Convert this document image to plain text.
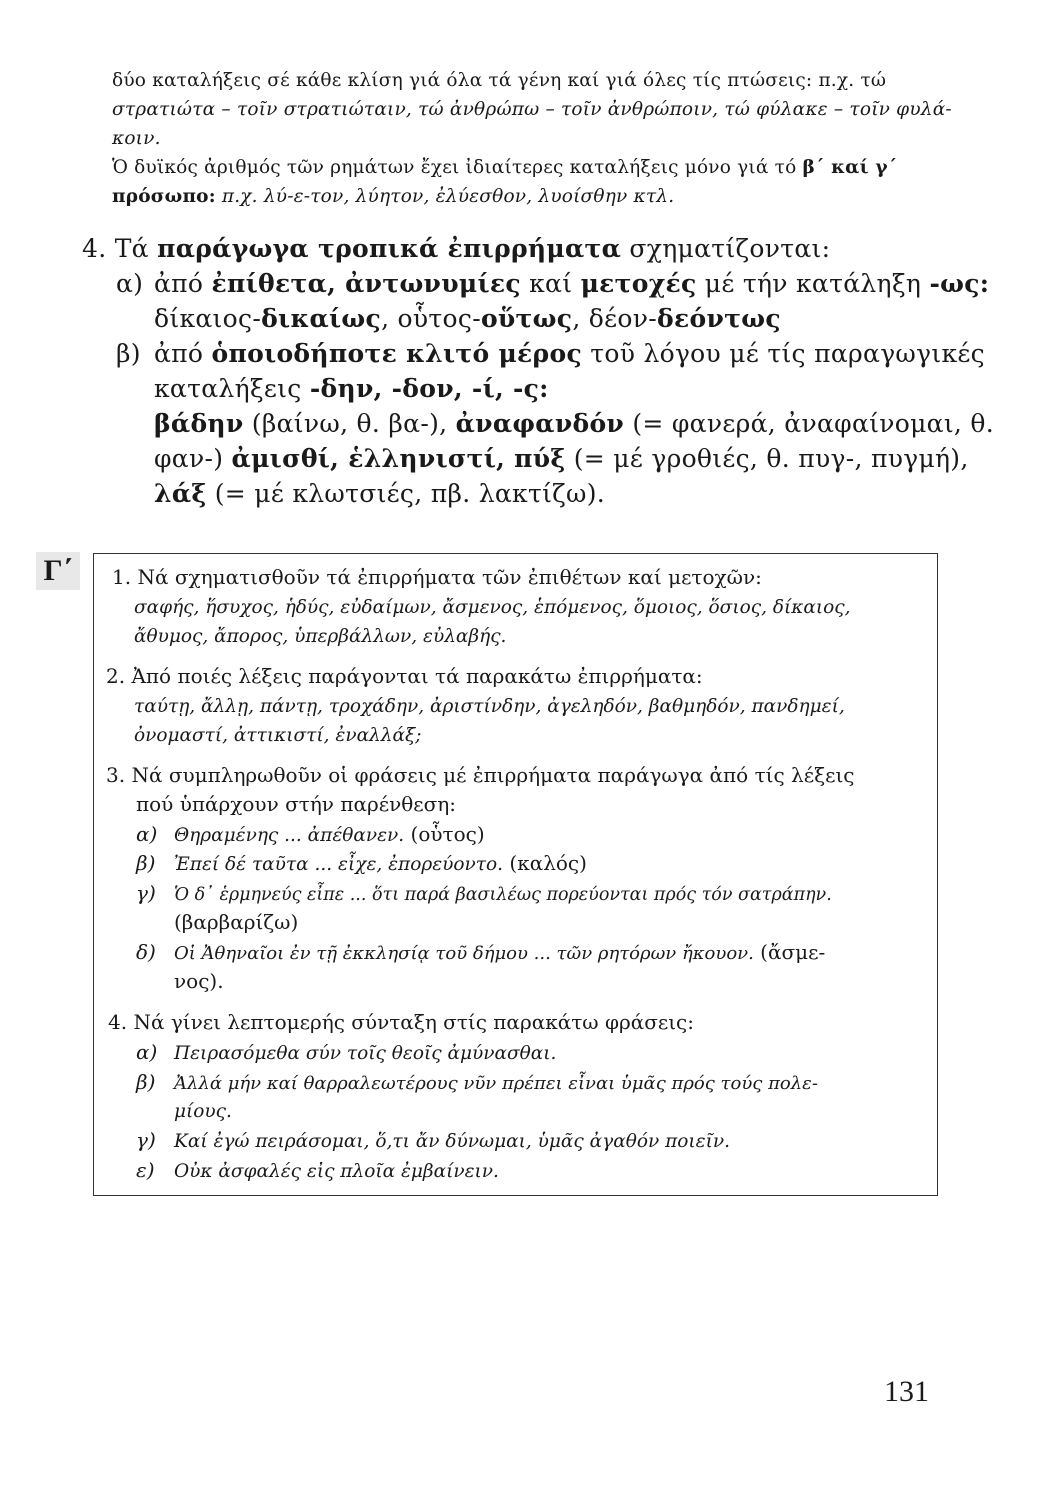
δύο καταλήξεις σέ κάθε κλίση γιά όλα τά γένη καί γιά όλες τίς πτώσεις: π.χ. τώ
στρατιώτα – τοῖν στρατιώταιν, τώ ἀνθρώπω – τοῖν ἀνθρώποιν, τώ φύλακε – τοῖν φυλά-
κοιν.
Ὁ δυϊκός ἀριθμός τῶν ρημάτων ἔχει ἰδιαίτερες καταλήξεις μόνο γιά τό β΄ καί γ΄
πρόσωπο: π.χ. λύ-ε-τον, λύητον, ἐλύεσθον, λυοίσθην κτλ.
4. Τά παράγωγα τροπικά ἐπιρρήματα σχηματίζονται:
α) ἀπό ἐπίθετα, ἀντωνυμίες καί μετοχές μέ τήν κατάληξη -ως:
δίκαιος-δικαίως, οὗτος-οὕτως, δέον-δεόντως
β) ἀπό ὁποιοδήποτε κλιτό μέρος τοῦ λόγου μέ τίς παραγωγικές
καταλήξεις -δην, -δον, -ί, -ς:
βάδην (βαίνω, θ. βα-), ἀναφανδόν (= φανερά, ἀναφαίνομαι, θ.
φαν-) ἀμισθί, ἑλληνιστί, πύξ (= μέ γροθιές, θ. πυγ-, πυγμή),
λάξ (= μέ κλωτσιές, πβ. λακτίζω).
Γ΄	1. Νά σχηματισθοῦν τά ἐπιρρήματα τῶν ἐπιθέτων καί μετοχῶν:
σαφής, ἥσυχος, ἡδύς, εὐδαίμων, ἄσμενος, ἑπόμενος, ὅμοιος, ὅσιος, δίκαιος,
ἄθυμος, ἄπορος, ὑπερβάλλων, εὐλαβής.
2. Ἀπό ποιές λέξεις παράγονται τά παρακάτω ἐπιρρήματα:
ταύτῃ, ἄλλῃ, πάντῃ, τροχάδην, ἀριστίνδην, ἀγεληδόν, βαθμηδόν, πανδημεί,
ὀνομαστί, ἀττικιστί, ἐναλλάξ;
3. Νά συμπληρωθοῦν οἱ φράσεις μέ ἐπιρρήματα παράγωγα ἀπό τίς λέξεις
πού ὑπάρχουν στήν παρένθεση:
α) Θηραμένης ... ἀπέθανεν. (οὗτος)
β) Ἐπεί δέ ταῦτα ... εἶχε, ἐπορεύοντο. (καλός)
γ) Ὁ δ᾽ ἑρμηνεύς εἶπε ... ὅτι παρά βασιλέως πορεύονται πρός τόν σατράπην.
(βαρβαρίζω)
δ) Οἱ Ἀθηναῖοι ἐν τῇ ἐκκλησίᾳ τοῦ δήμου ... τῶν ρητόρων ἤκουον. (ἄσμε-
νος).
4. Νά γίνει λεπτομερής σύνταξη στίς παρακάτω φράσεις:
α) Πειρασόμεθα σύν τοῖς θεοῖς ἀμύνασθαι.
β) Ἀλλά μήν καί θαρραλεωτέρους νῦν πρέπει εἶναι ὑμᾶς πρός τούς πολε-
μίους.
γ) Καί ἐγώ πειράσομαι, ὅ,τι ἄν δύνωμαι, ὑμᾶς ἀγαθόν ποιεῖν.
ε) Οὐκ ἀσφαλές εἰς πλοῖα ἐμβαίνειν.
131
